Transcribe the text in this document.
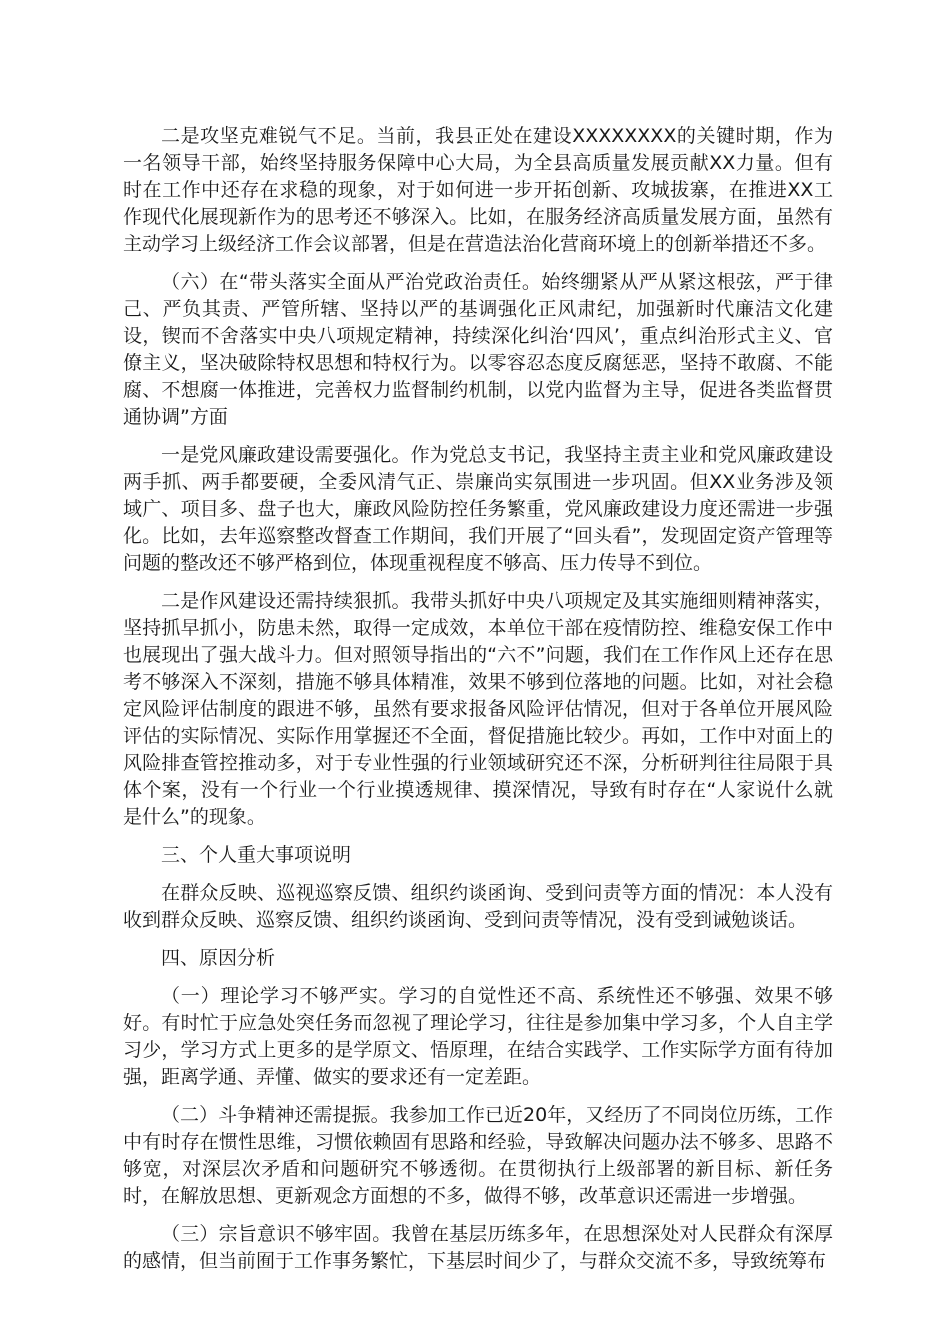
二是攻坚克难锐气不足。当前，我县正处在建设XXXXXXXX的关键时期，作为一名领导干部，始终坚持服务保障中心大局，为全县高质量发展贡献XX力量。但有时在工作中还存在求稳的现象，对于如何进一步开拓创新、攻城拔寨，在推进XX工作现代化展现新作为的思考还不够深入。比如，在服务经济高质量发展方面，虽然有主动学习上级经济工作会议部署，但是在营造法治化营商环境上的创新举措还不多。

（六）在“带头落实全面从严治党政治责任。始终绷紧从严从紧这根弦，严于律己、严负其责、严管所辖、坚持以严的基调强化正风肃纪，加强新时代廉洁文化建设，锲而不舍落实中央八项规定精神，持续深化纠治‘四风’，重点纠治形式主义、官僚主义，坚决破除特权思想和特权行为。以零容忍态度反腐惩恶，坚持不敢腐、不能腐、不想腐一体推进，完善权力监督制约机制，以党内监督为主导，促进各类监督贯通协调”方面

一是党风廉政建设需要强化。作为党总支书记，我坚持主责主业和党风廉政建设两手抓、两手都要硬，全委风清气正、崇廉尚实氛围进一步巩固。但XX业务涉及领域广、项目多、盘子也大，廉政风险防控任务繁重，党风廉政建设力度还需进一步强化。比如，去年巡察整改督查工作期间，我们开展了“回头看”，发现固定资产管理等问题的整改还不够严格到位，体现重视程度不够高、压力传导不到位。

二是作风建设还需持续狠抓。我带头抓好中央八项规定及其实施细则精神落实，坚持抓早抓小，防患未然，取得一定成效，本单位干部在疫情防控、维稳安保工作中也展现出了强大战斗力。但对照领导指出的“六不”问题，我们在工作作风上还存在思考不够深入不深刻，措施不够具体精准，效果不够到位落地的问题。比如，对社会稳定风险评估制度的跟进不够，虽然有要求报备风险评估情况，但对于各单位开展风险评估的实际情况、实际作用掌握还不全面，督促措施比较少。再如，工作中对面上的风险排查管控推动多，对于专业性强的行业领域研究还不深，分析研判往往局限于具体个案，没有一个行业一个行业摸透规律、摸深情况，导致有时存在“人家说什么就是什么”的现象。

三、个人重大事项说明

在群众反映、巡视巡察反馈、组织约谈函询、受到问责等方面的情况：本人没有收到群众反映、巡察反馈、组织约谈函询、受到问责等情况，没有受到诫勉谈话。

四、原因分析

（一）理论学习不够严实。学习的自觉性还不高、系统性还不够强、效果不够好。有时忙于应急处突任务而忽视了理论学习，往往是参加集中学习多，个人自主学习少，学习方式上更多的是学原文、悟原理，在结合实践学、工作实际学方面有待加强，距离学通、弄懂、做实的要求还有一定差距。

（二）斗争精神还需提振。我参加工作已近20年，又经历了不同岗位历练，工作中有时存在惯性思维，习惯依赖固有思路和经验，导致解决问题办法不够多、思路不够宽，对深层次矛盾和问题研究不够透彻。在贯彻执行上级部署的新目标、新任务时，在解放思想、更新观念方面想的不多，做得不够，改革意识还需进一步增强。

（三）宗旨意识不够牢固。我曾在基层历练多年，在思想深处对人民群众有深厚的感情，但当前囿于工作事务繁忙，下基层时间少了，与群众交流不多，导致统筹布
